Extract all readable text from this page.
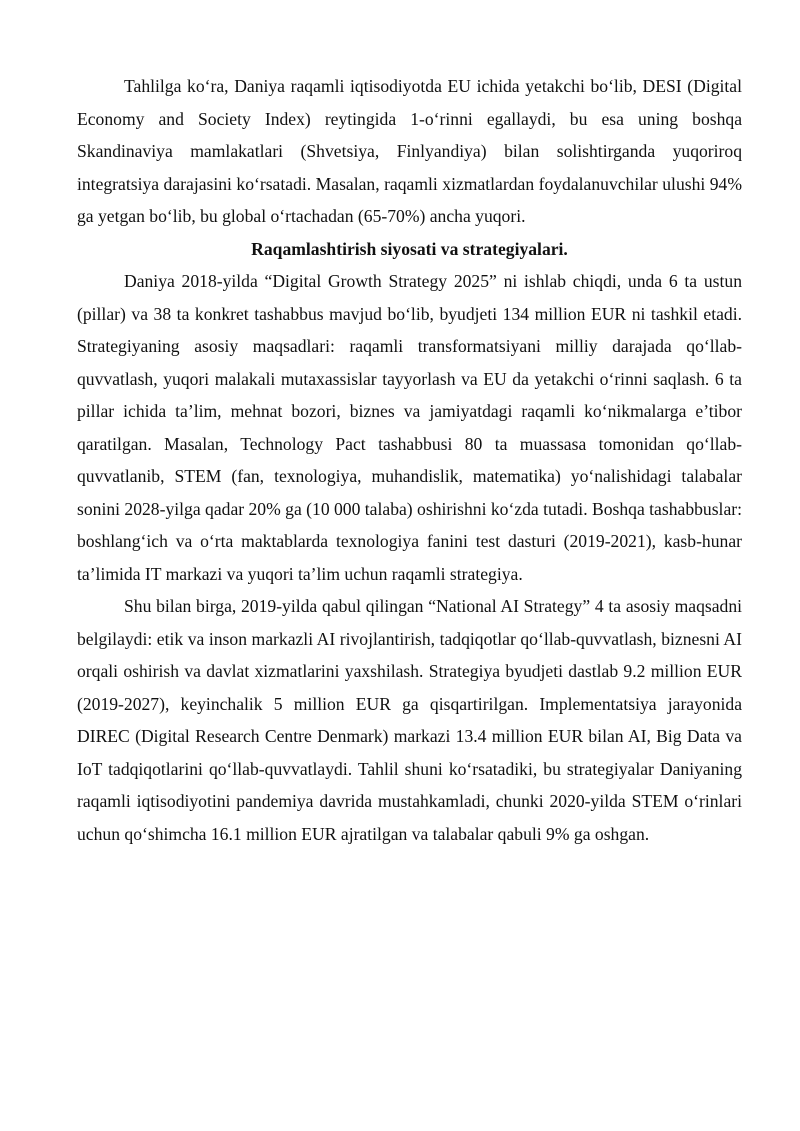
Tahlilga ko‘ra, Daniya raqamli iqtisodiyotda EU ichida yetakchi bo‘lib, DESI (Digital Economy and Society Index) reytingida 1-o‘rinni egallaydi, bu esa uning boshqa Skandinaviya mamlakatlari (Shvetsiya, Finlyandiya) bilan solishtirganda yuqoriroq integratsiya darajasini ko‘rsatadi. Masalan, raqamli xizmatlardan foydalanuvchilar ulushi 94% ga yetgan bo‘lib, bu global o‘rtachadan (65-70%) ancha yuqori.

Raqamlashtirish siyosati va strategiyalari.

Daniya 2018-yilda “Digital Growth Strategy 2025” ni ishlab chiqdi, unda 6 ta ustun (pillar) va 38 ta konkret tashabbus mavjud bo‘lib, byudjeti 134 million EUR ni tashkil etadi. Strategiyaning asosiy maqsadlari: raqamli transformatsiyani milliy darajada qo‘llab-quvvatlash, yuqori malakali mutaxassislar tayyorlash va EU da yetakchi o‘rinni saqlash. 6 ta pillar ichida ta’lim, mehnat bozori, biznes va jamiyatdagi raqamli ko‘nikmalarga e’tibor qaratilgan. Masalan, Technology Pact tashabbusi 80 ta muassasa tomonidan qo‘llab-quvvatlanib, STEM (fan, texnologiya, muhandislik, matematika) yo‘nalishidagi talabalar sonini 2028-yilga qadar 20% ga (10 000 talaba) oshirishni ko‘zda tutadi. Boshqa tashabbuslar: boshlang‘ich va o‘rta maktablarda texnologiya fanini test dasturi (2019-2021), kasb-hunar ta’limida IT markazi va yuqori ta’lim uchun raqamli strategiya.

Shu bilan birga, 2019-yilda qabul qilingan “National AI Strategy” 4 ta asosiy maqsadni belgilaydi: etik va inson markazli AI rivojlantirish, tadqiqotlar qo‘llab-quvvatlash, biznesni AI orqali oshirish va davlat xizmatlarini yaxshilash. Strategiya byudjeti dastlab 9.2 million EUR (2019-2027), keyinchalik 5 million EUR ga qisqartirilgan. Implementatsiya jarayonida DIREC (Digital Research Centre Denmark) markazi 13.4 million EUR bilan AI, Big Data va IoT tadqiqotlarini qo‘llab-quvvatlaydi. Tahlil shuni ko‘rsatadiki, bu strategiyalar Daniyaning raqamli iqtisodiyotini pandemiya davrida mustahkamladi, chunki 2020-yilda STEM o‘rinlari uchun qo‘shimcha 16.1 million EUR ajratilgan va talabalar qabuli 9% ga oshgan.
